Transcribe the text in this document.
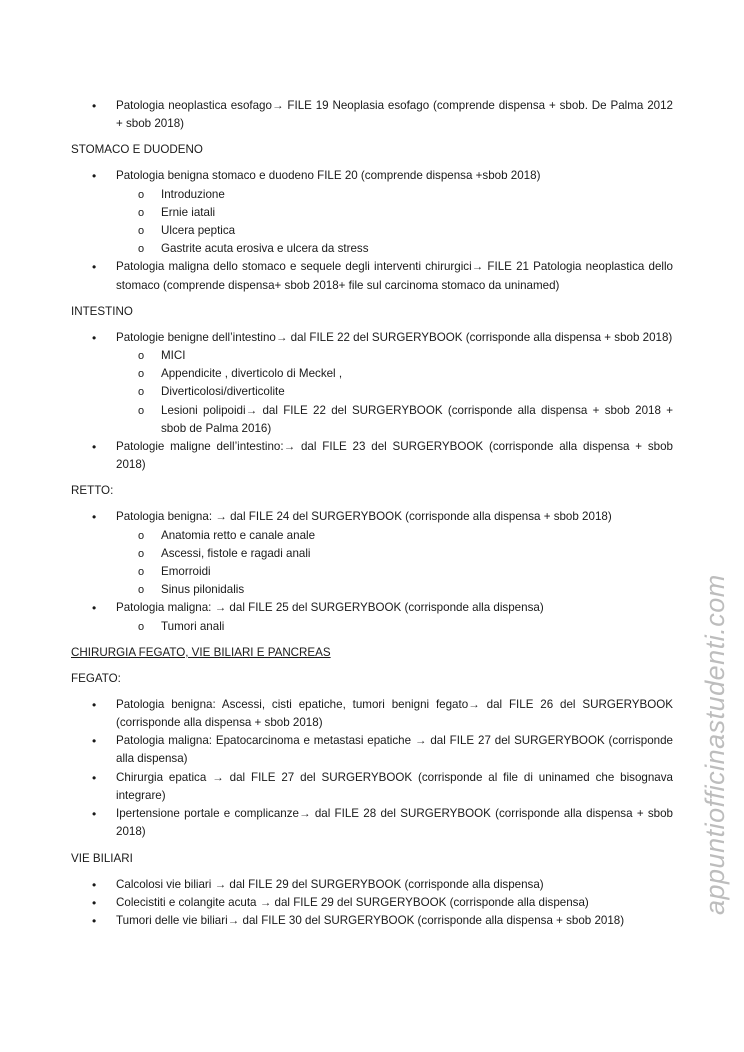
• Patologia neoplastica esofago→ FILE 19 Neoplasia esofago (comprende dispensa + sbob. De Palma 2012 + sbob 2018)
STOMACO E DUODENO
• Patologia benigna stomaco e duodeno FILE 20 (comprende dispensa +sbob 2018)
o Introduzione
o Ernie iatali
o Ulcera peptica
o Gastrite acuta erosiva e ulcera da stress
• Patologia maligna dello stomaco e sequele degli interventi chirurgici→ FILE 21 Patologia neoplastica dello stomaco (comprende dispensa+ sbob 2018+ file sul carcinoma stomaco da uninamed)
INTESTINO
• Patologie benigne dell’intestino→ dal FILE 22 del SURGERYBOOK (corrisponde alla dispensa + sbob 2018)
o MICI
o Appendicite , diverticolo di Meckel ,
o Diverticolosi/diverticolite
o Lesioni polipoidi→ dal FILE 22 del SURGERYBOOK (corrisponde alla dispensa + sbob 2018 + sbob de Palma 2016)
• Patologie maligne dell’intestino:→ dal FILE 23 del SURGERYBOOK (corrisponde alla dispensa + sbob 2018)
RETTO:
• Patologia benigna: → dal FILE 24 del SURGERYBOOK (corrisponde alla dispensa + sbob 2018)
o Anatomia retto e canale anale
o Ascessi, fistole e ragadi anali
o Emorroidi
o Sinus pilonidalis
• Patologia maligna: → dal FILE 25 del SURGERYBOOK (corrisponde alla dispensa)
o Tumori anali
CHIRURGIA FEGATO, VIE BILIARI E PANCREAS
FEGATO:
• Patologia benigna: Ascessi, cisti epatiche, tumori benigni fegato→ dal FILE 26 del SURGERYBOOK (corrisponde alla dispensa + sbob 2018)
• Patologia maligna: Epatocarcinoma e metastasi epatiche → dal FILE 27 del SURGERYBOOK (corrisponde alla dispensa)
• Chirurgia epatica → dal FILE 27 del SURGERYBOOK (corrisponde al file di uninamed che bisognava integrare)
• Ipertensione portale e complicanze→ dal FILE 28 del SURGERYBOOK (corrisponde alla dispensa + sbob 2018)
VIE BILIARI
• Calcolosi vie biliari → dal FILE 29 del SURGERYBOOK (corrisponde alla dispensa)
• Colecistiti e colangite acuta → dal FILE 29 del SURGERYBOOK (corrisponde alla dispensa)
• Tumori delle vie biliari→ dal FILE 30 del SURGERYBOOK (corrisponde alla dispensa + sbob 2018)
appuntiofficinastudenti.com
